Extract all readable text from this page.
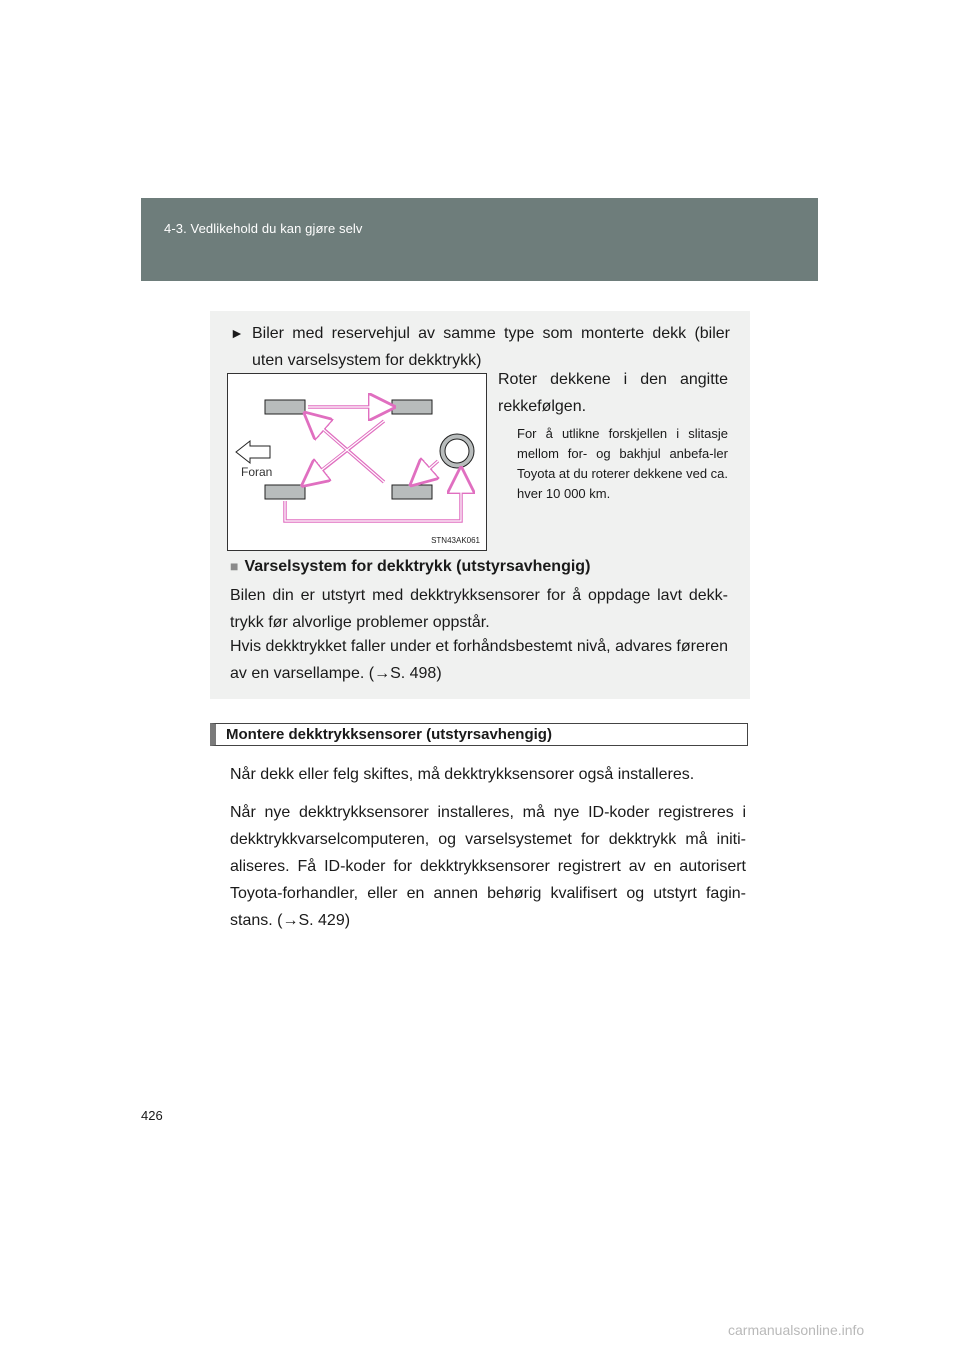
4-3. Vedlikehold du kan gjøre selv
► Biler med reservehjul av samme type som monterte dekk (biler uten varselsystem for dekktrykk)
Foran
STN43AK061
Roter dekkene i den angitte rekkefølgen.
For å utlikne forskjellen i slitasje mellom for- og bakhjul anbefa-ler Toyota at du roterer dekkene ved ca. hver 10 000 km.
■ Varselsystem for dekktrykk (utstyrsavhengig)
Bilen din er utstyrt med dekktrykksensorer for å oppdage lavt dekk-trykk før alvorlige problemer oppstår.
Hvis dekktrykket faller under et forhåndsbestemt nivå, advares føreren av en varsellampe. (→S. 498)
Montere dekktrykksensorer (utstyrsavhengig)
Når dekk eller felg skiftes, må dekktrykksensorer også installeres.
Når nye dekktrykksensorer installeres, må nye ID-koder registreres i dekktrykkvarselcomputeren, og varselsystemet for dekktrykk må initi-aliseres. Få ID-koder for dekktrykksensorer registrert av en autorisert Toyota-forhandler, eller en annen behørig kvalifisert og utstyrt fagin-stans. (→S. 429)
426
carmanualsonline.info
